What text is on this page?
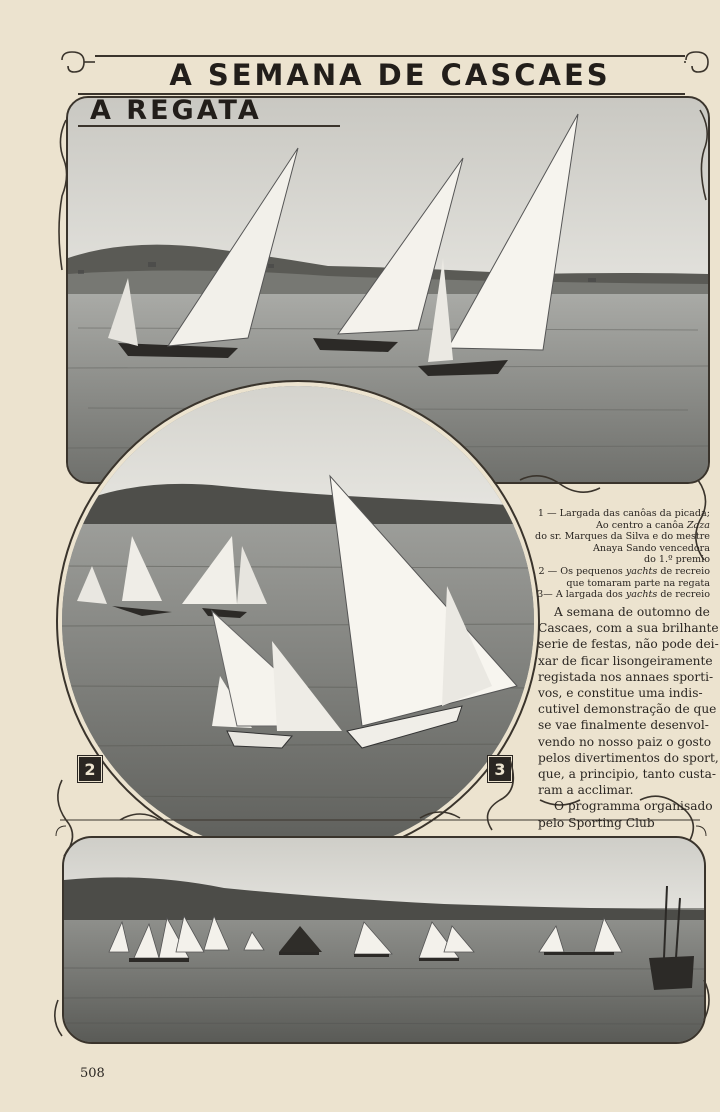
2	3
A SEMANA DE CASCAES
A REGATA
1 — Largada das canôas da picada;
Ao centro a canôa Zaza
do sr. Marques da Silva e do mestre
Anaya Sando vencedora
do 1.º premio
2 — Os pequenos yachts de recreio
que tomaram parte na regata
3— A largada dos yachts de recreio
A semana de outomno de
Cascaes, com a sua brilhante
serie de festas, não pode dei-
xar de ficar lisongeiramente
registada nos annaes sporti-
vos, e constitue uma indis-
cutivel demonstração de que
se vae finalmente desenvol-
vendo no nosso paiz o gosto
pelos divertimentos do sport,
que, a principio, tanto custa-
ram a acclimar.
O programma organisado
pelo Sporting Club
508
